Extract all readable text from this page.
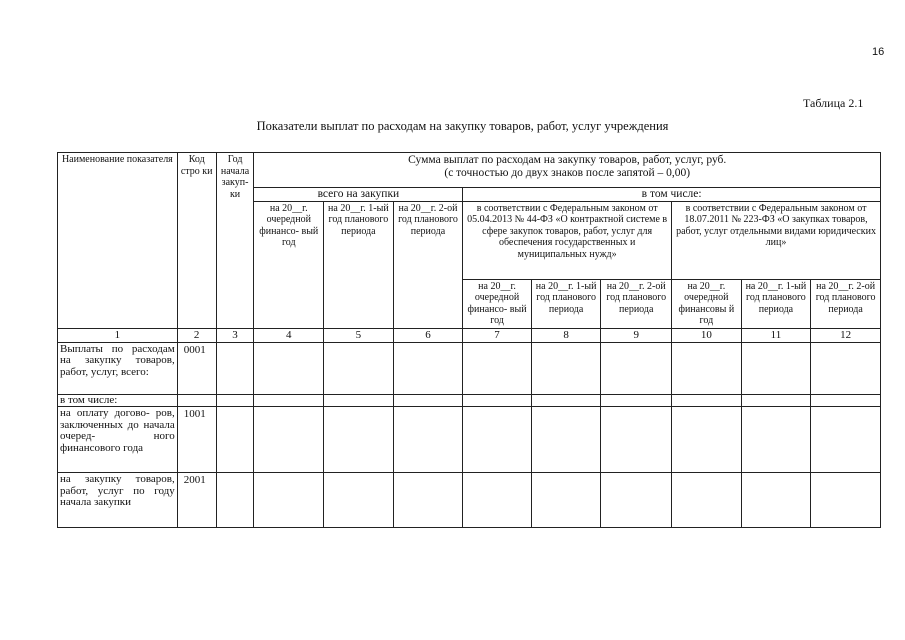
16
Таблица 2.1
Показатели выплат по расходам на закупку товаров, работ, услуг учреждения
Наименование показателя	Код стро ки	Год начала закуп- ки	Сумма выплат по расходам на закупку товаров, работ, услуг, руб.
(с точностью до двух знаков после запятой – 0,00)								

			всего на закупки			в том числе:					
			на 20__г. очередной финансо- вый год	на 20__г. 1-ый год планового периода	на 20__г. 2-ой год планового периода	в соответствии с Федеральным законом от 05.04.2013 № 44-ФЗ «О контрактной системе в сфере закупок товаров, работ, услуг для обеспечения государственных и муниципальных нужд»			в соответствии с Федеральным законом от 18.07.2011 № 223-ФЗ «О закупках товаров, работ, услуг отдельными видами юридических лиц»		
						на 20__г. очередной финансо- вый год	на 20__г. 1-ый год планового периода	на 20__г. 2-ой год планового периода	на 20__г. очередной финансовы й год	на 20__г. 1-ый год планового периода	на 20__г. 2-ой год планового периода
1	2	3	4	5	6	7	8	9	10	11	12
Выплаты по расходам на закупку товаров, работ, услуг, всего:	0001										
в том числе:											
на оплату догово- ров, заключенных до начала очеред- ного финансового года	1001										
на закупку товаров, работ, услуг по году начала закупки	2001										
